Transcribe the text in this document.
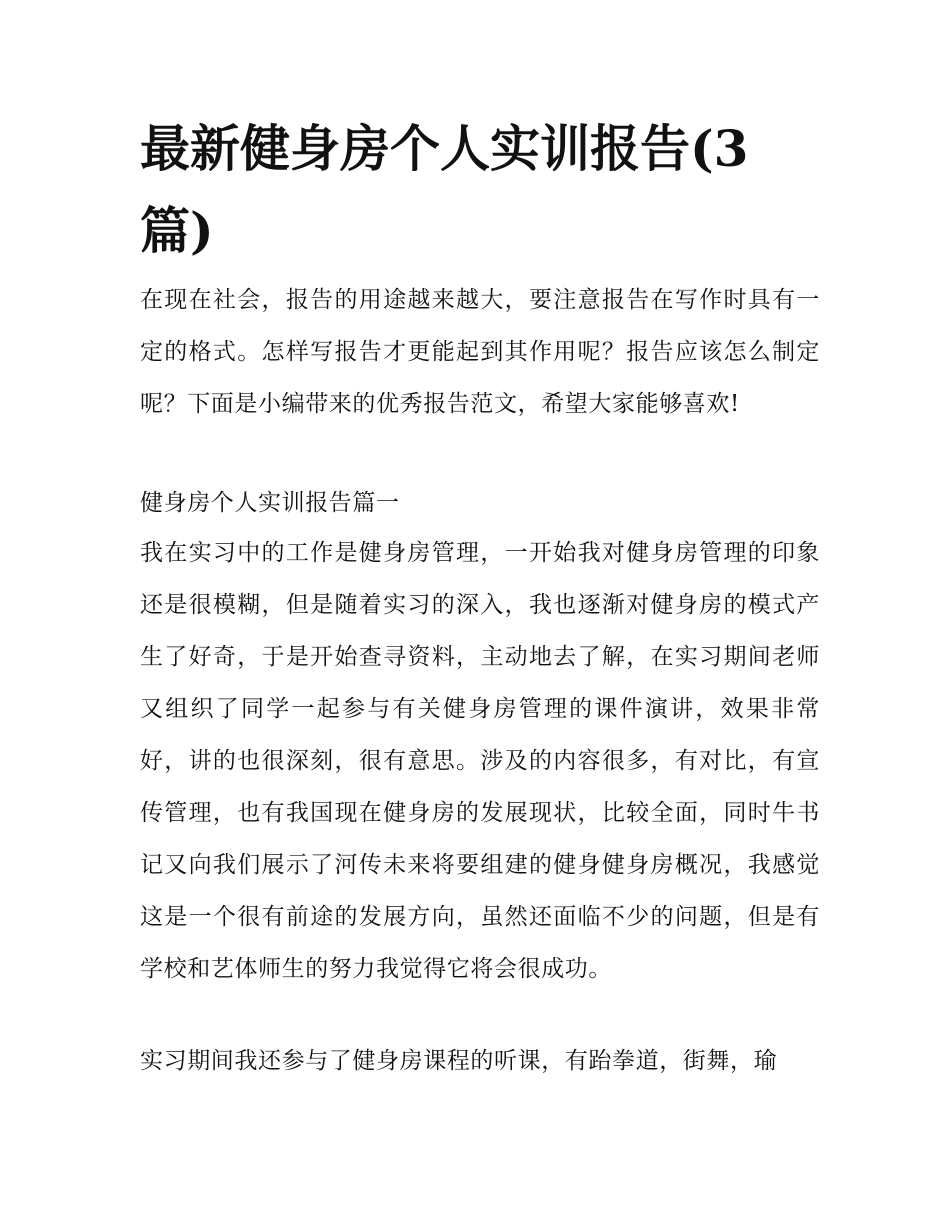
最新健身房个人实训报告(3篇)

在现在社会，报告的用途越来越大，要注意报告在写作时具有一定的格式。怎样写报告才更能起到其作用呢？报告应该怎么制定呢？下面是小编带来的优秀报告范文，希望大家能够喜欢!

健身房个人实训报告篇一

我在实习中的工作是健身房管理，一开始我对健身房管理的印象还是很模糊，但是随着实习的深入，我也逐渐对健身房的模式产生了好奇，于是开始查寻资料，主动地去了解，在实习期间老师又组织了同学一起参与有关健身房管理的课件演讲，效果非常好，讲的也很深刻，很有意思。涉及的内容很多，有对比，有宣传管理，也有我国现在健身房的发展现状，比较全面，同时牛书记又向我们展示了河传未来将要组建的健身健身房概况，我感觉这是一个很有前途的发展方向，虽然还面临不少的问题，但是有学校和艺体师生的努力我觉得它将会很成功。

实习期间我还参与了健身房课程的听课，有跆拳道，街舞，瑜
